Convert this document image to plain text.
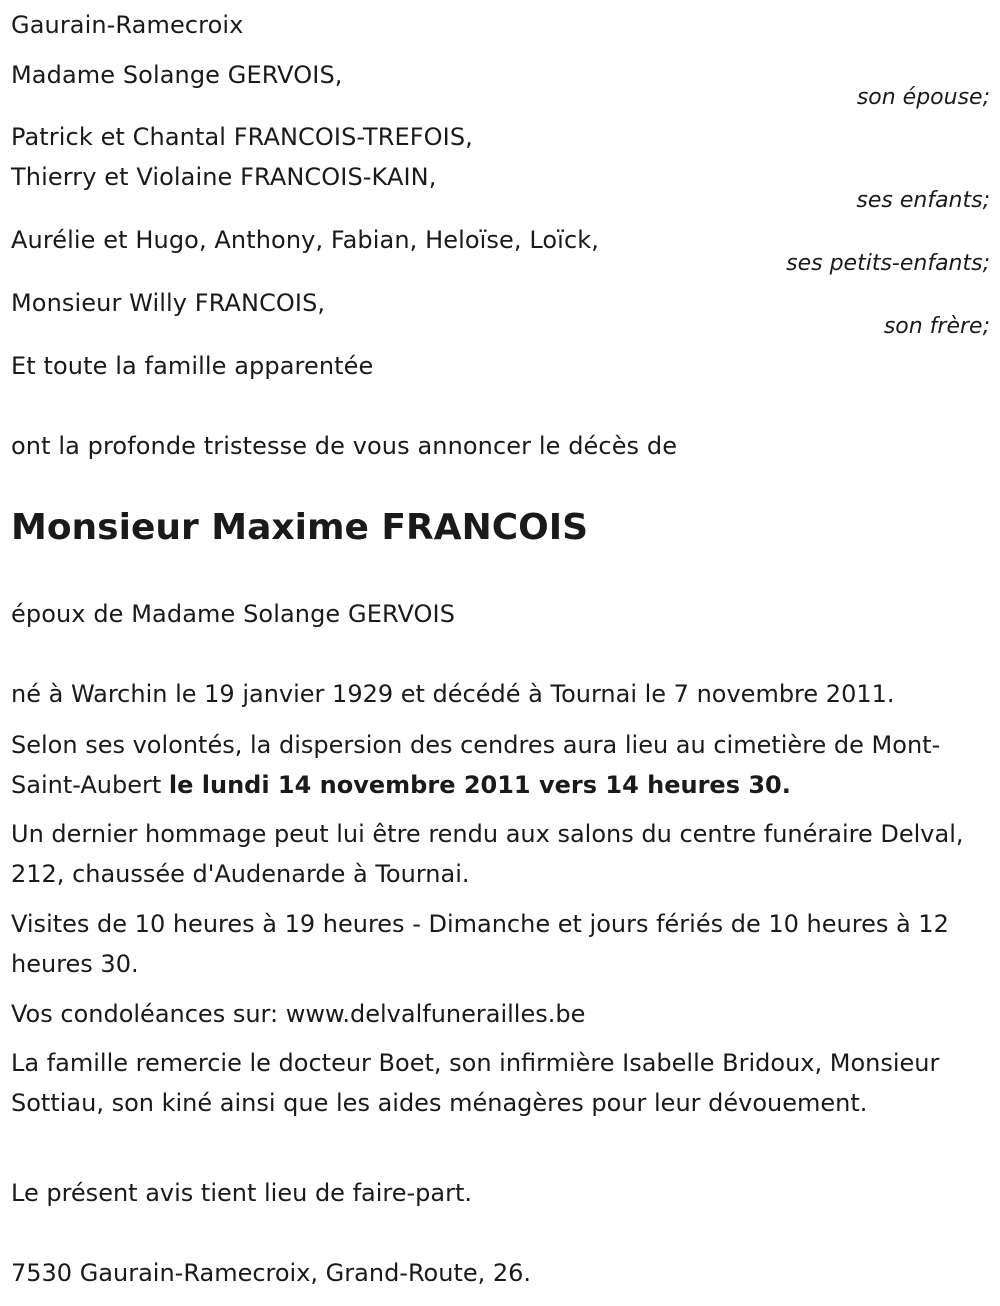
Gaurain-Ramecroix
Madame Solange GERVOIS,
son épouse;
Patrick et Chantal FRANCOIS-TREFOIS,
Thierry et Violaine FRANCOIS-KAIN,
ses enfants;
Aurélie et Hugo, Anthony, Fabian, Heloïse, Loïck,
ses petits-enfants;
Monsieur Willy FRANCOIS,
son frère;
Et toute la famille apparentée
ont la profonde tristesse de vous annoncer le décès de
Monsieur Maxime FRANCOIS
époux de Madame Solange GERVOIS
né à Warchin le 19 janvier 1929 et décédé à Tournai le 7 novembre 2011.
Selon ses volontés, la dispersion des cendres aura lieu au cimetière de Mont-Saint-Aubert le lundi 14 novembre 2011 vers 14 heures 30.
Un dernier hommage peut lui être rendu aux salons du centre funéraire Delval, 212, chaussée d'Audenarde à Tournai.
Visites de 10 heures à 19 heures - Dimanche et jours fériés de 10 heures à 12 heures 30.
Vos condoléances sur: www.delvalfunerailles.be
La famille remercie le docteur Boet, son infirmière Isabelle Bridoux, Monsieur Sottiau, son kiné ainsi que les aides ménagères pour leur dévouement.
Le présent avis tient lieu de faire-part.
7530 Gaurain-Ramecroix, Grand-Route, 26.
